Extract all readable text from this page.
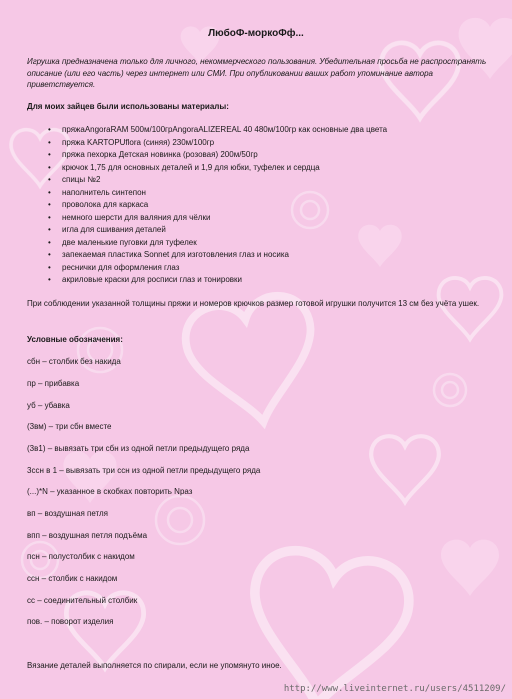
ЛюбоФ-моркоФф...
Игрушка предназначена только для личного, некоммерческого пользования. Убедительная просьба не распространять описание (или его часть) через интернет или СМИ. При опубликовании ваших работ упоминание автора приветствуется.
Для моих зайцев были использованы материалы:
• пряжаAngoraRAM 500м/100грAngoraALIZEREAL 40 480м/100гр как основные два цвета
• пряжа KARTOPUflora (синяя) 230м/100гр
• пряжа пехорка Детская новинка (розовая) 200м/50гр
• крючок 1,75 для основных деталей и 1,9 для юбки, туфелек и сердца
• спицы №2
• наполнитель синтепон
• проволока для каркаса
• немного шерсти для валяния для чёлки
• игла для сшивания деталей
• две маленькие пуговки для туфелек
• запекаемая пластика Sonnet для изготовления глаз и носика
• реснички для оформления глаз
• акриловые краски для росписи глаз и тонировки
При соблюдении указанной толщины пряжи и номеров крючков размер готовой игрушки получится 13 см без учёта ушек.
Условные обозначения:
сбн – столбик без накида
пр – прибавка
уб – убавка
(3вм) – три сбн вместе
(3в1) – вывязать три сбн из одной петли предыдущего ряда
3ссн в 1 – вывязать три ссн из одной петли предыдущего ряда
(...)*N – указанное в скобках повторить Nраз
вп – воздушная петля
впп – воздушная петля подъёма
псн – полустолбик с накидом
ссн – столбик с накидом
сс – соединительный столбик
пов. – поворот изделия
Вязание деталей выполняется по спирали, если не упомянуто иное.
http://www.liveinternet.ru/users/4511209/
